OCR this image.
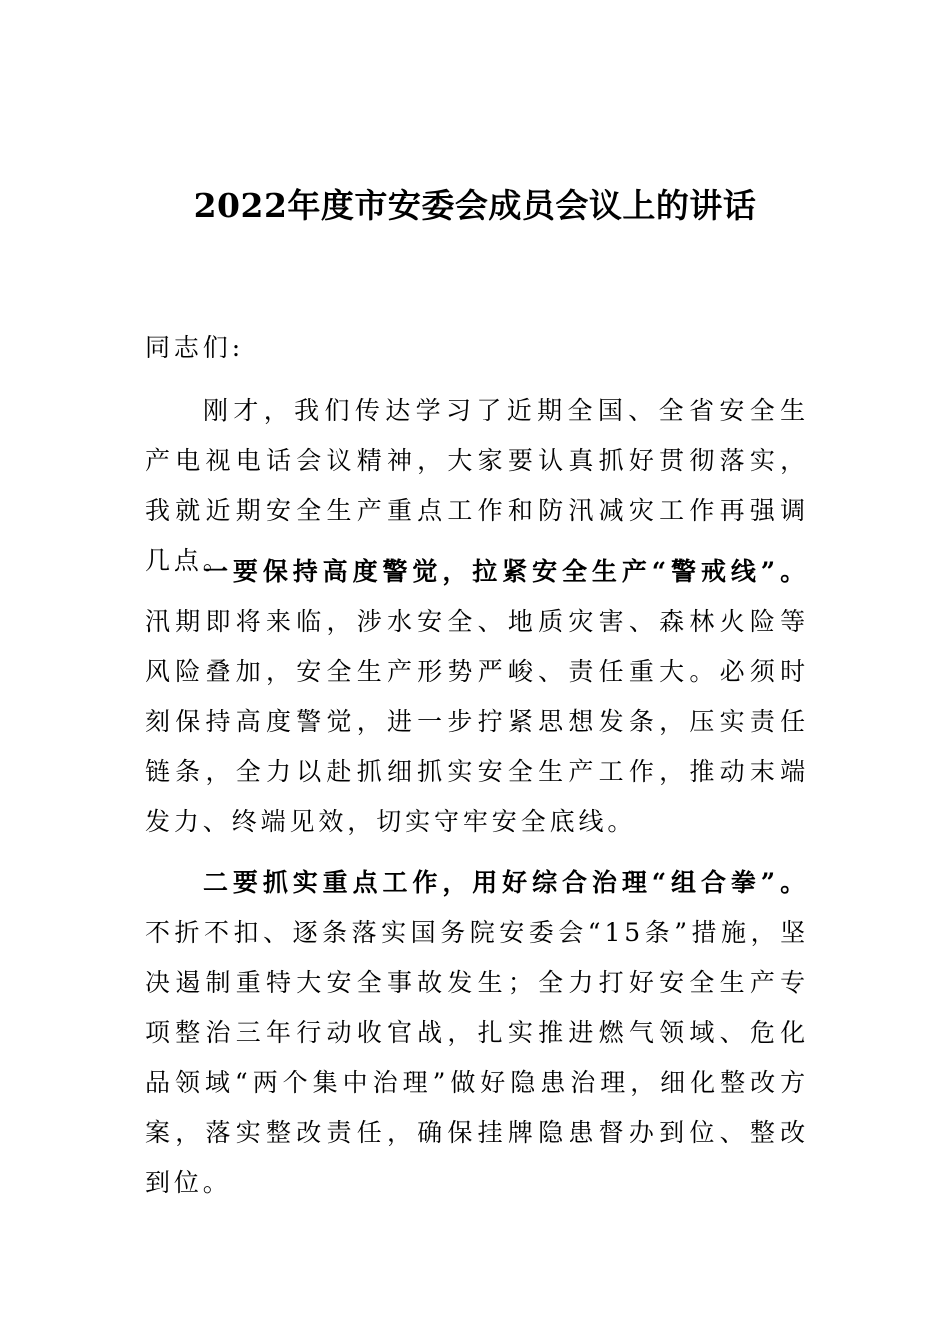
2022年度市安委会成员会议上的讲话

同志们:

刚才，我们传达学习了近期全国、全省安全生产电视电话会议精神，大家要认真抓好贯彻落实，我就近期安全生产重点工作和防汛减灾工作再强调几点。

一要保持高度警觉，拉紧安全生产“警戒线”。汛期即将来临，涉水安全、地质灾害、森林火险等风险叠加，安全生产形势严峻、责任重大。必须时刻保持高度警觉，进一步拧紧思想发条，压实责任链条，全力以赴抓细抓实安全生产工作，推动末端发力、终端见效，切实守牢安全底线。

二要抓实重点工作，用好综合治理“组合拳”。不折不扣、逐条落实国务院安委会“15条”措施，坚决遏制重特大安全事故发生；全力打好安全生产专项整治三年行动收官战，扎实推进燃气领域、危化品领域“两个集中治理”做好隐患治理，细化整改方案，落实整改责任，确保挂牌隐患督办到位、整改到位。
